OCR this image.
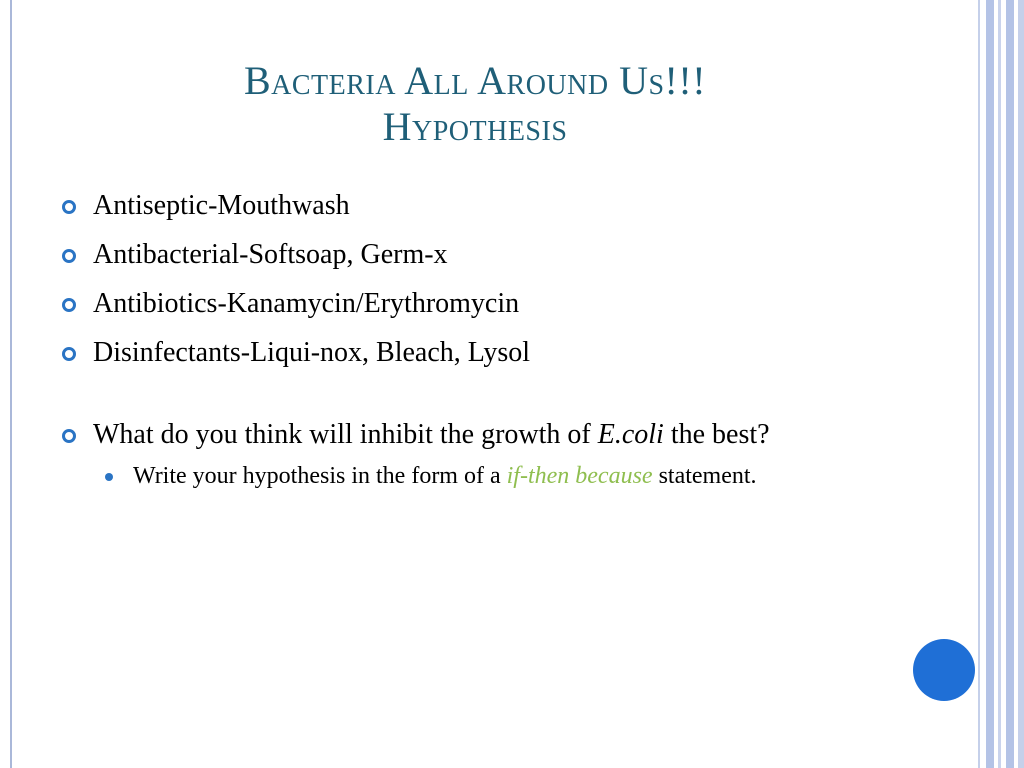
Bacteria All Around Us!!!
Hypothesis
Antiseptic-Mouthwash
Antibacterial-Softsoap, Germ-x
Antibiotics-Kanamycin/Erythromycin
Disinfectants-Liqui-nox, Bleach, Lysol
What do you think will inhibit the growth of E.coli the best?
Write your hypothesis in the form of a if-then because statement.
